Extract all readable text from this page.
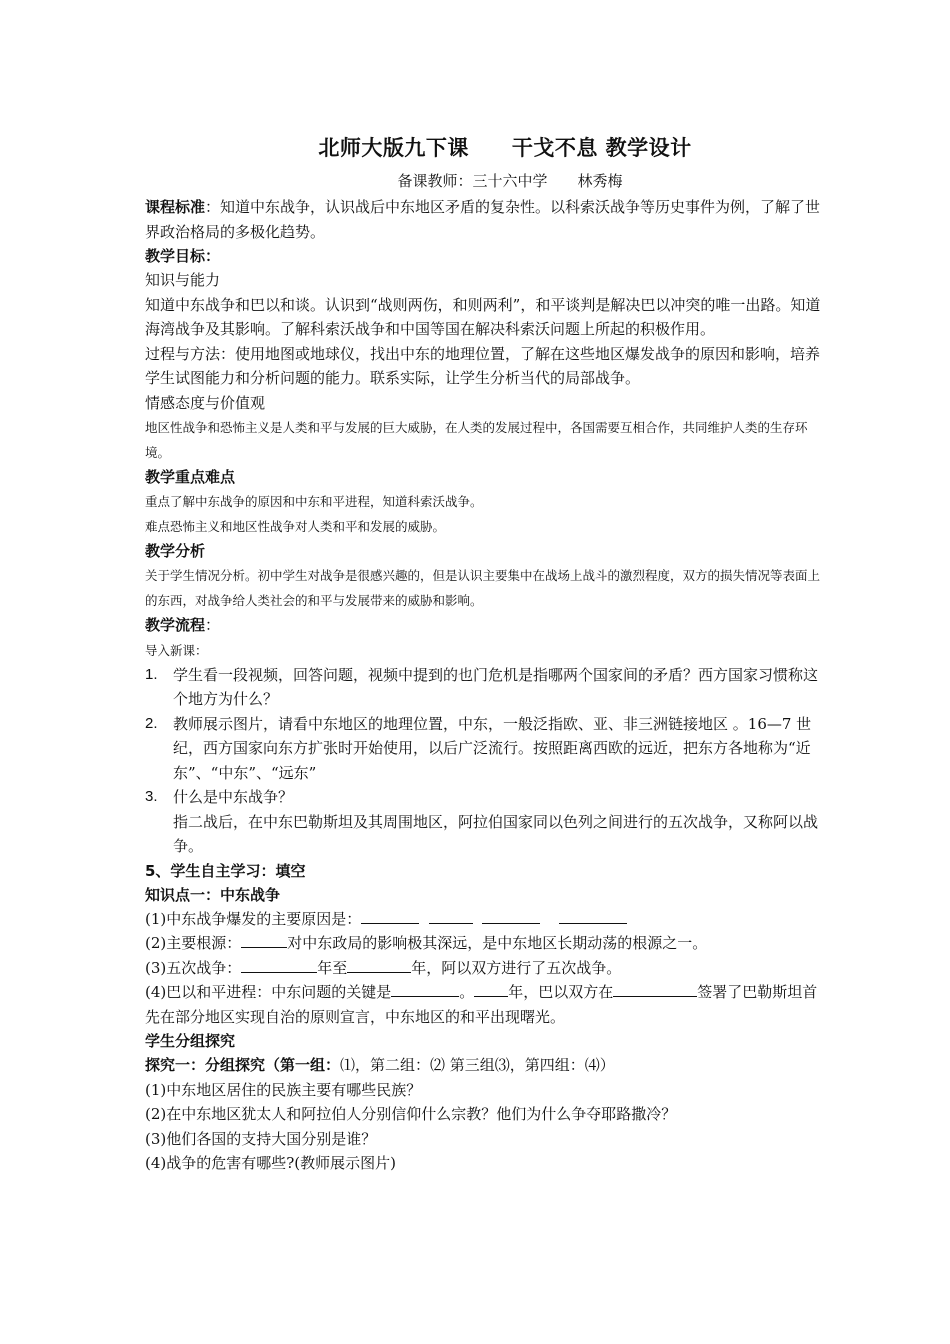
北师大版九下课　　干戈不息 教学设计

备课教师：三十六中学　　林秀梅

课程标准：知道中东战争，认识战后中东地区矛盾的复杂性。以科索沃战争等历史事件为例，了解了世界政治格局的多极化趋势。

教学目标：

知识与能力

知道中东战争和巴以和谈。认识到“战则两伤，和则两利”，和平谈判是解决巴以冲突的唯一出路。知道海湾战争及其影响。了解科索沃战争和中国等国在解决科索沃问题上所起的积极作用。

过程与方法：使用地图或地球仪，找出中东的地理位置，了解在这些地区爆发战争的原因和影响，培养学生试图能力和分析问题的能力。联系实际，让学生分析当代的局部战争。

情感态度与价值观

地区性战争和恐怖主义是人类和平与发展的巨大威胁，在人类的发展过程中，各国需要互相合作，共同维护人类的生存环境。

教学重点难点

重点了解中东战争的原因和中东和平进程，知道科索沃战争。

难点恐怖主义和地区性战争对人类和平和发展的威胁。

教学分析

关于学生情况分析。初中学生对战争是很感兴趣的，但是认识主要集中在战场上战斗的激烈程度，双方的损失情况等表面上的东西，对战争给人类社会的和平与发展带来的威胁和影响。

教学流程：

导入新课：

1. 学生看一段视频，回答问题，视频中提到的也门危机是指哪两个国家间的矛盾？西方国家习惯称这个地方为什么？
2. 教师展示图片，请看中东地区的地理位置，中东，一般泛指欧、亚、非三洲链接地区 。16—7 世纪，西方国家向东方扩张时开始使用，以后广泛流行。按照距离西欧的远近，把东方各地称为“近东”、“中东”、“远东”
3. 什么是中东战争？
指二战后，在中东巴勒斯坦及其周围地区，阿拉伯国家同以色列之间进行的五次战争，又称阿以战争。

5、学生自主学习：填空

知识点一：中东战争

(1)中东战争爆发的主要原因是：

(2)主要根源：	对中东政局的影响极其深远，是中东地区长期动荡的根源之一。

(3)五次战争：	年至	年，阿以双方进行了五次战争。

(4)巴以和平进程：中东问题的关键是	。 年，巴以双方在	签署了巴勒斯坦首先在部分地区实现自治的原则宣言，中东地区的和平出现曙光。

学生分组探究

探究一：分组探究（第一组：⑴，第二组：⑵ 第三组⑶，第四组：⑷）

(1)中东地区居住的民族主要有哪些民族？

(2)在中东地区犹太人和阿拉伯人分别信仰什么宗教？他们为什么争夺耶路撒冷？

(3)他们各国的支持大国分别是谁？

(4)战争的危害有哪些?(教师展示图片)
